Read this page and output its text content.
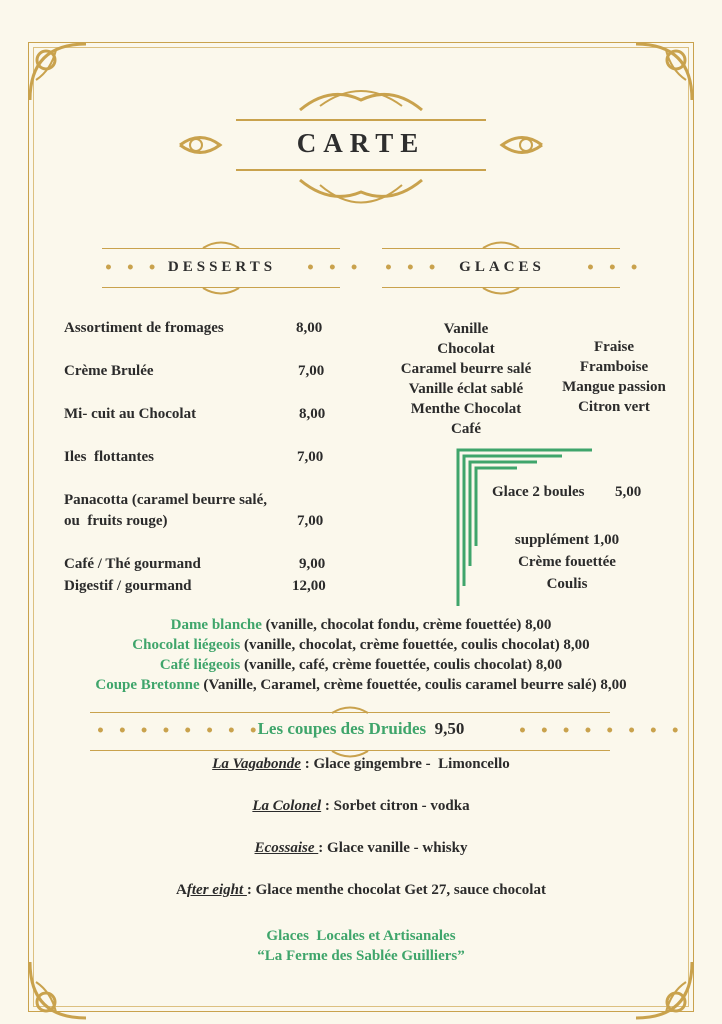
CARTE
• • •	• • •
DESSERTS	• • •	• • •
GLACES
Assortiment de fromages	8,00
Crème Brulée	7,00
Mi- cuit au Chocolat	8,00
Iles  flottantes	7,00
Panacotta (caramel beurre salé,
ou  fruits rouge)	7,00
Café / Thé gourmand	9,00
Digestif / gourmand	12,00
Vanille
Chocolat
Caramel beurre salé
Vanille éclat sablé
Menthe Chocolat
Café
Fraise
Framboise
Mangue passion
Citron vert
Glace 2 boules 5,00
supplément 1,00
Crème fouettée
Coulis
Dame blanche (vanille, chocolat fondu, crème fouettée) 8,00
Chocolat liégeois (vanille, chocolat, crème fouettée, coulis chocolat) 8,00
Café liégeois (vanille, café, crème fouettée, coulis chocolat) 8,00
Coupe Bretonne (Vanille, Caramel, crème fouettée, coulis caramel beurre salé) 8,00
• • • • • • • •	• • • • • • • •
Les coupes des Druides 9,50
La Vagabonde : Glace gingembre -  Limoncello
La Colonel : Sorbet citron - vodka
Ecossaise : Glace vanille - whisky
After eight : Glace menthe chocolat Get 27, sauce chocolat
Glaces  Locales et Artisanales
“La Ferme des Sablée Guilliers”
